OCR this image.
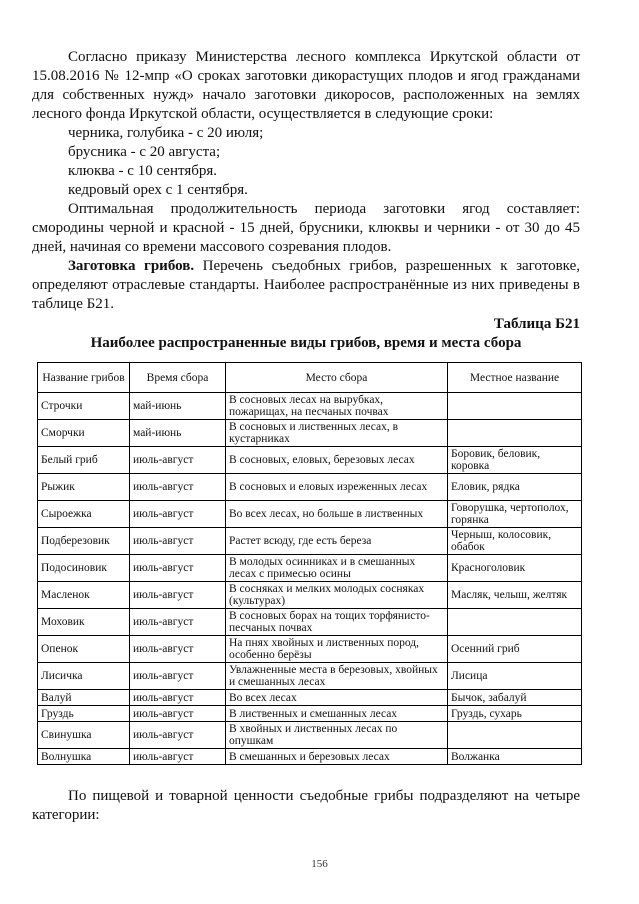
Согласно приказу Министерства лесного комплекса Иркутской области от 15.08.2016 № 12-мпр «О сроках заготовки дикорастущих плодов и ягод гражданами для собственных нужд» начало заготовки дикоросов, расположенных на землях лесного фонда Иркутской области, осуществляется в следующие сроки:

черника, голубика - с 20 июля;

брусника - с 20 августа;

клюква - с 10 сентября.

кедровый орех с 1 сентября.

Оптимальная продолжительность периода заготовки ягод составляет: смородины черной и красной - 15 дней, брусники, клюквы и черники - от 30 до 45 дней, начиная со времени массового созревания плодов.

Заготовка грибов. Перечень съедобных грибов, разрешенных к заготовке, определяют отраслевые стандарты. Наиболее распространённые из них приведены в таблице Б21.

Таблица Б21
Наиболее распространенные виды грибов, время и места сбора
Название грибов	Время сбора	Место сбора	Местное название
Строчки	май-июнь	В сосновых лесах на вырубках, пожарищах, на песчаных почвах	
Сморчки	май-июнь	В сосновых и лиственных лесах, в кустарниках	
Белый гриб	июль-август	В сосновых, еловых, березовых лесах	Боровик, беловик, коровка
Рыжик	июль-август	В сосновых и еловых изреженных лесах	Еловик, рядка
Сыроежка	июль-август	Во всех лесах, но больше в лиственных	Говорушка, чертополох, горянка
Подберезовик	июль-август	Растет всюду, где есть береза	Черныш, колосовик, обабок
Подосиновик	июль-август	В молодых осинниках и в смешанных лесах с примесью осины	Красноголовик
Масленок	июль-август	В сосняках и мелких молодых сосняках (культурах)	Масляк, челыш, желтяк
Моховик	июль-август	В сосновых борах на тощих торфянисто-песчаных почвах	
Опенок	июль-август	На пнях хвойных и лиственных пород, особенно берёзы	Осенний гриб
Лисичка	июль-август	Увлажненные места в березовых, хвойных и смешанных лесах	Лисица
Валуй	июль-август	Во всех лесах	Бычок, забалуй
Груздь	июль-август	В лиственных и смешанных лесах	Груздь, сухарь
Свинушка	июль-август	В хвойных и лиственных лесах по опушкам	
Волнушка	июль-август	В смешанных и березовых лесах	Волжанка

По пищевой и товарной ценности съедобные грибы подразделяют на четыре категории:

156
